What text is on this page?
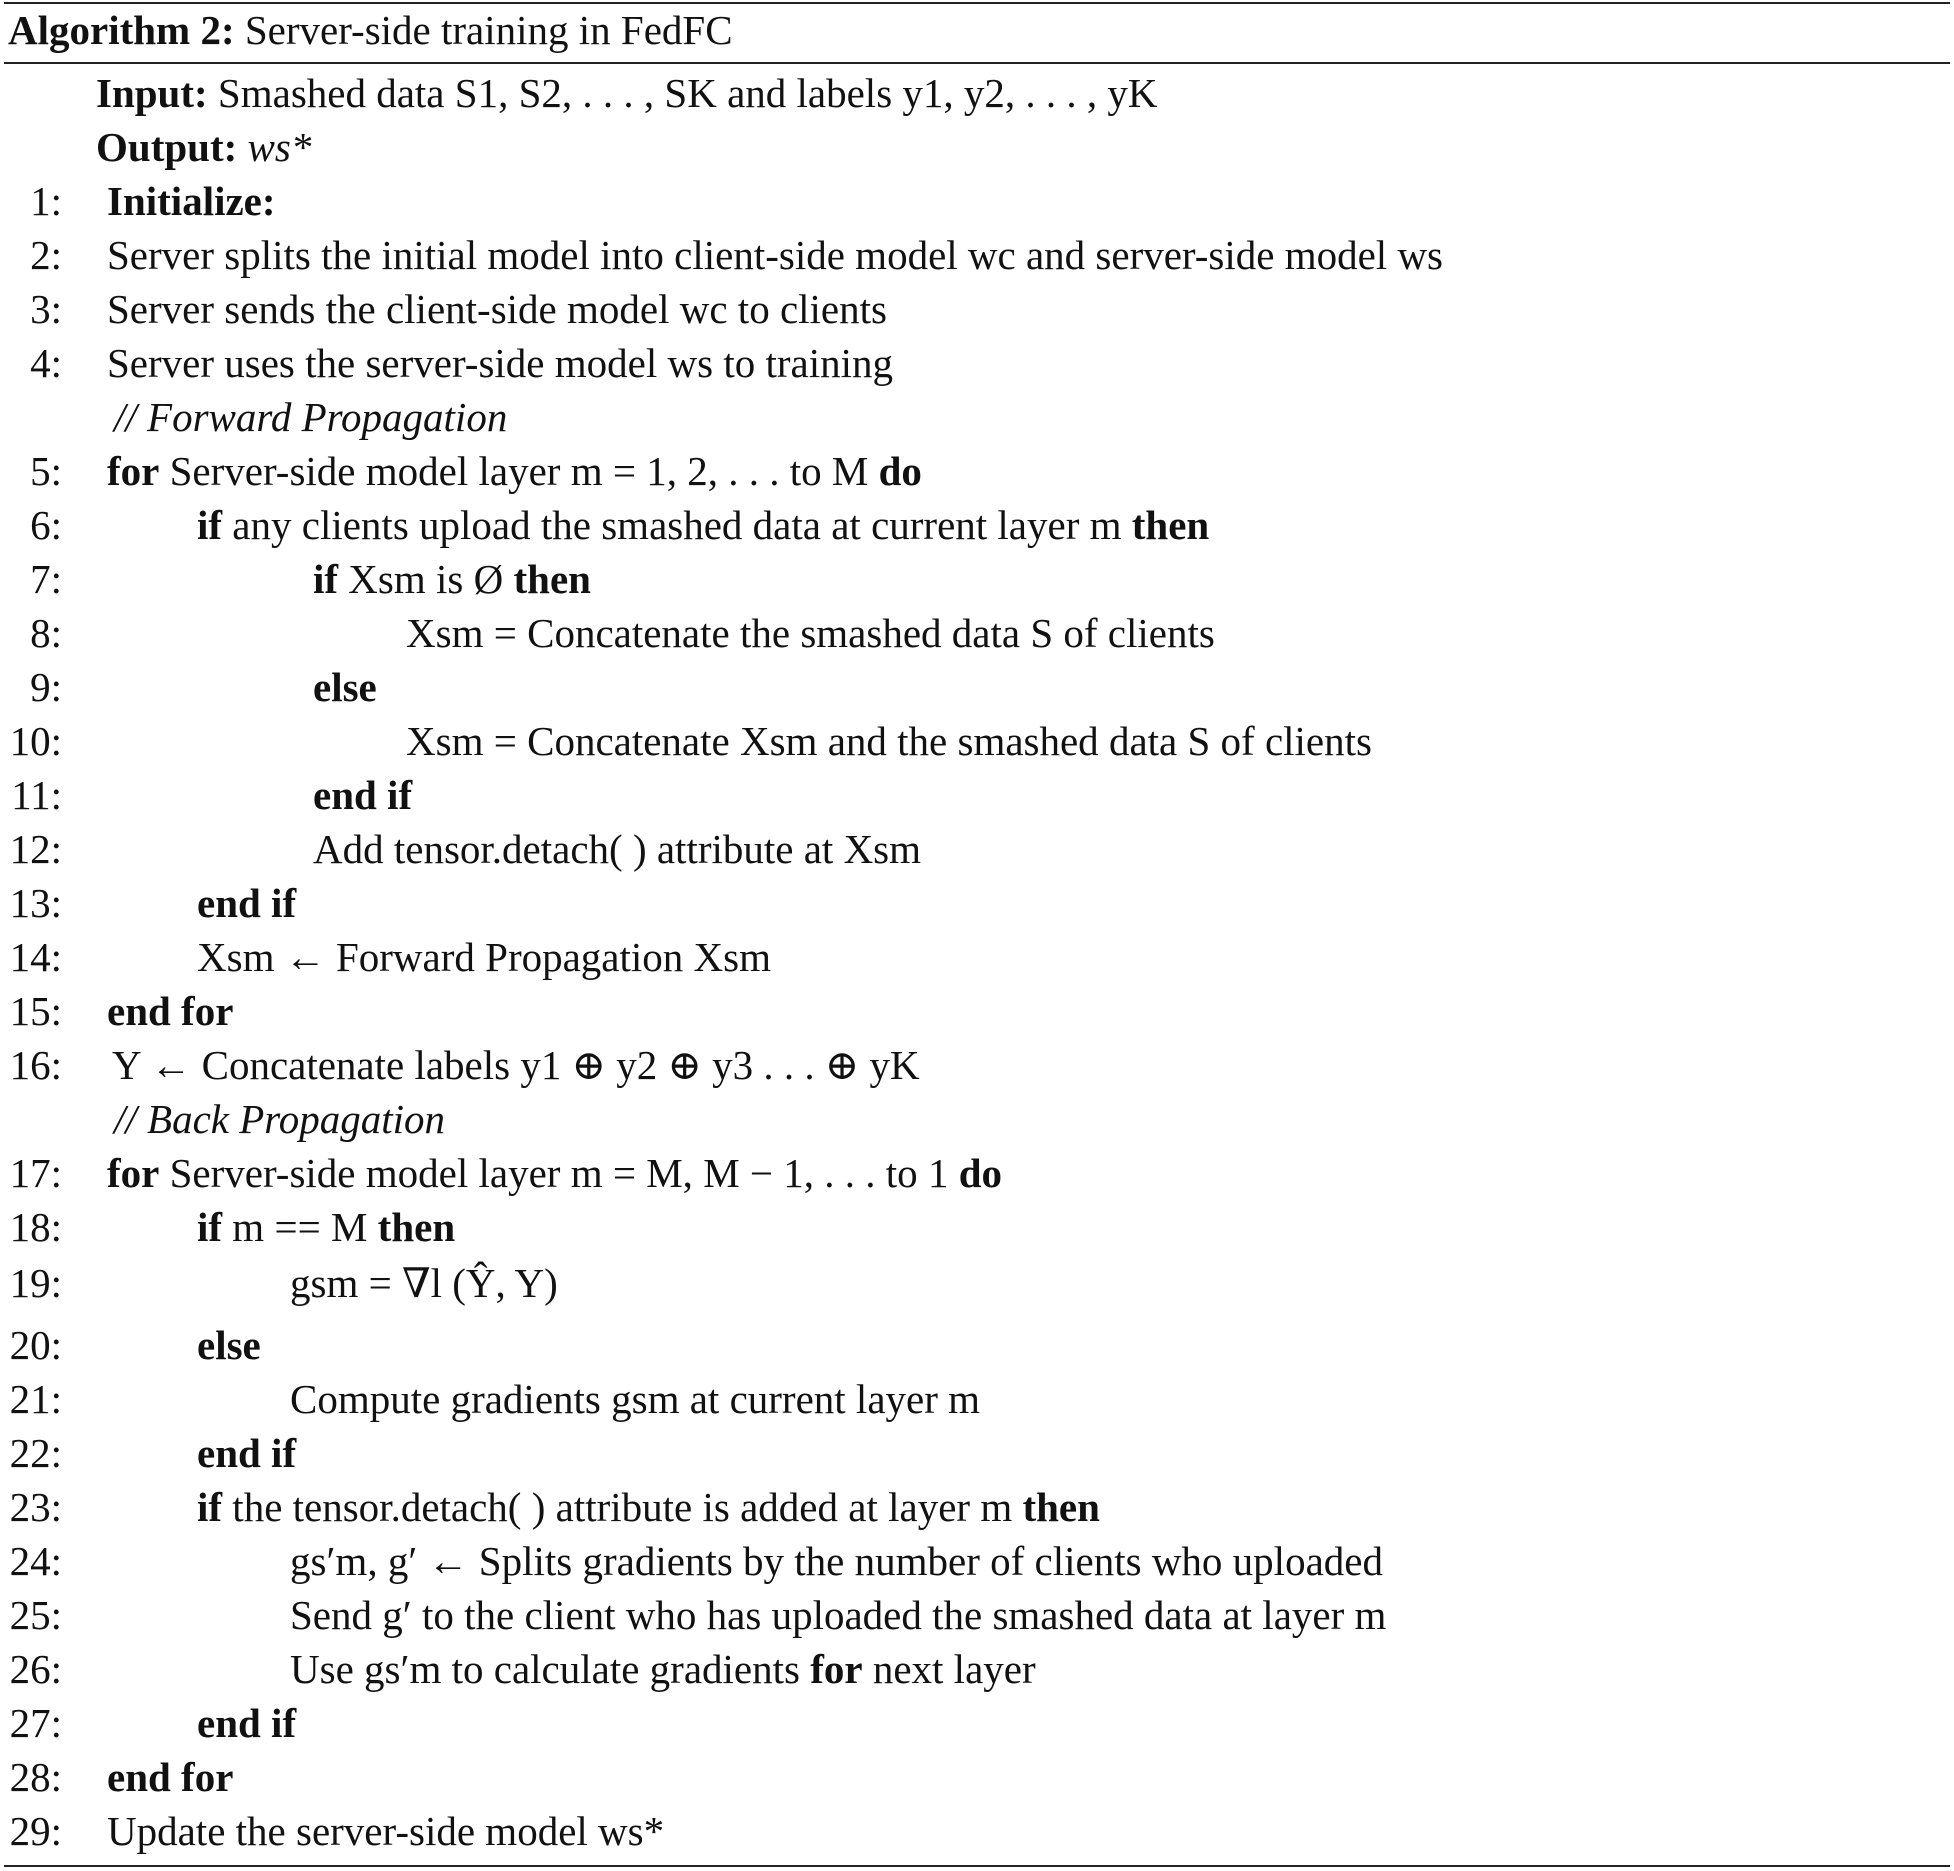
Algorithm 2: Server-side training in FedFC
Input: Smashed data S1, S2, . . . , SK and labels y1, y2, . . . , yK
Output: ws*
1: Initialize:
2: Server splits the initial model into client-side model wc and server-side model ws
3: Server sends the client-side model wc to clients
4: Server uses the server-side model ws to training
// Forward Propagation
5: for Server-side model layer m = 1, 2, . . . to M do
6:	if any clients upload the smashed data at current layer m then
7:	if Xsm is Ø then
8:	Xsm = Concatenate the smashed data S of clients
9:	else
10:	Xsm = Concatenate Xsm and the smashed data S of clients
11:	end if
12:	Add tensor.detach( ) attribute at Xsm
13:	end if
14:	Xsm ← Forward Propagation Xsm
15: end for
16: Y ← Concatenate labels y1 ⊕ y2 ⊕ y3 . . . ⊕ yK
// Back Propagation
17: for Server-side model layer m = M, M − 1, . . . to 1 do
18:	if m == M then
19:	gsm = ∇l (Ŷ, Y)
20:	else
21:	Compute gradients gsm at current layer m
22:	end if
23:	if the tensor.detach( ) attribute is added at layer m then
24:	gs′m, g′ ← Splits gradients by the number of clients who uploaded
25:	Send g′ to the client who has uploaded the smashed data at layer m
26:	Use gs′m to calculate gradients for next layer
27:	end if
28: end for
29: Update the server-side model ws*
